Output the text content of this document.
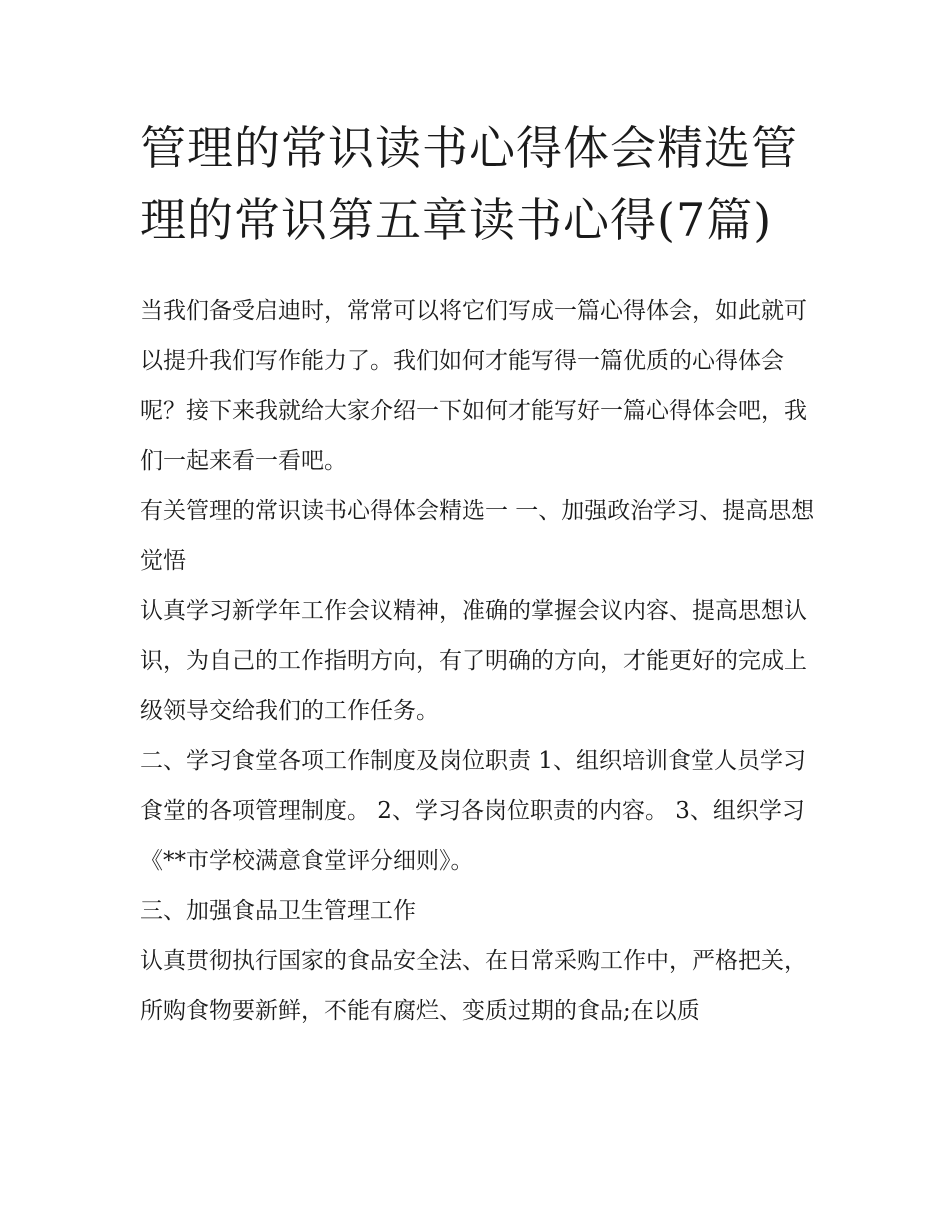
管理的常识读书心得体会精选管理的常识第五章读书心得(7篇)

当我们备受启迪时，常常可以将它们写成一篇心得体会，如此就可以提升我们写作能力了。我们如何才能写得一篇优质的心得体会呢？接下来我就给大家介绍一下如何才能写好一篇心得体会吧，我们一起来看一看吧。

有关管理的常识读书心得体会精选一 一、加强政治学习、提高思想觉悟

认真学习新学年工作会议精神，准确的掌握会议内容、提高思想认识，为自己的工作指明方向，有了明确的方向，才能更好的完成上级领导交给我们的工作任务。

二、学习食堂各项工作制度及岗位职责 1、组织培训食堂人员学习食堂的各项管理制度。 2、学习各岗位职责的内容。 3、组织学习《**市学校满意食堂评分细则》。

三、加强食品卫生管理工作

认真贯彻执行国家的食品安全法、在日常采购工作中，严格把关，所购食物要新鲜，不能有腐烂、变质过期的食品;在以质
